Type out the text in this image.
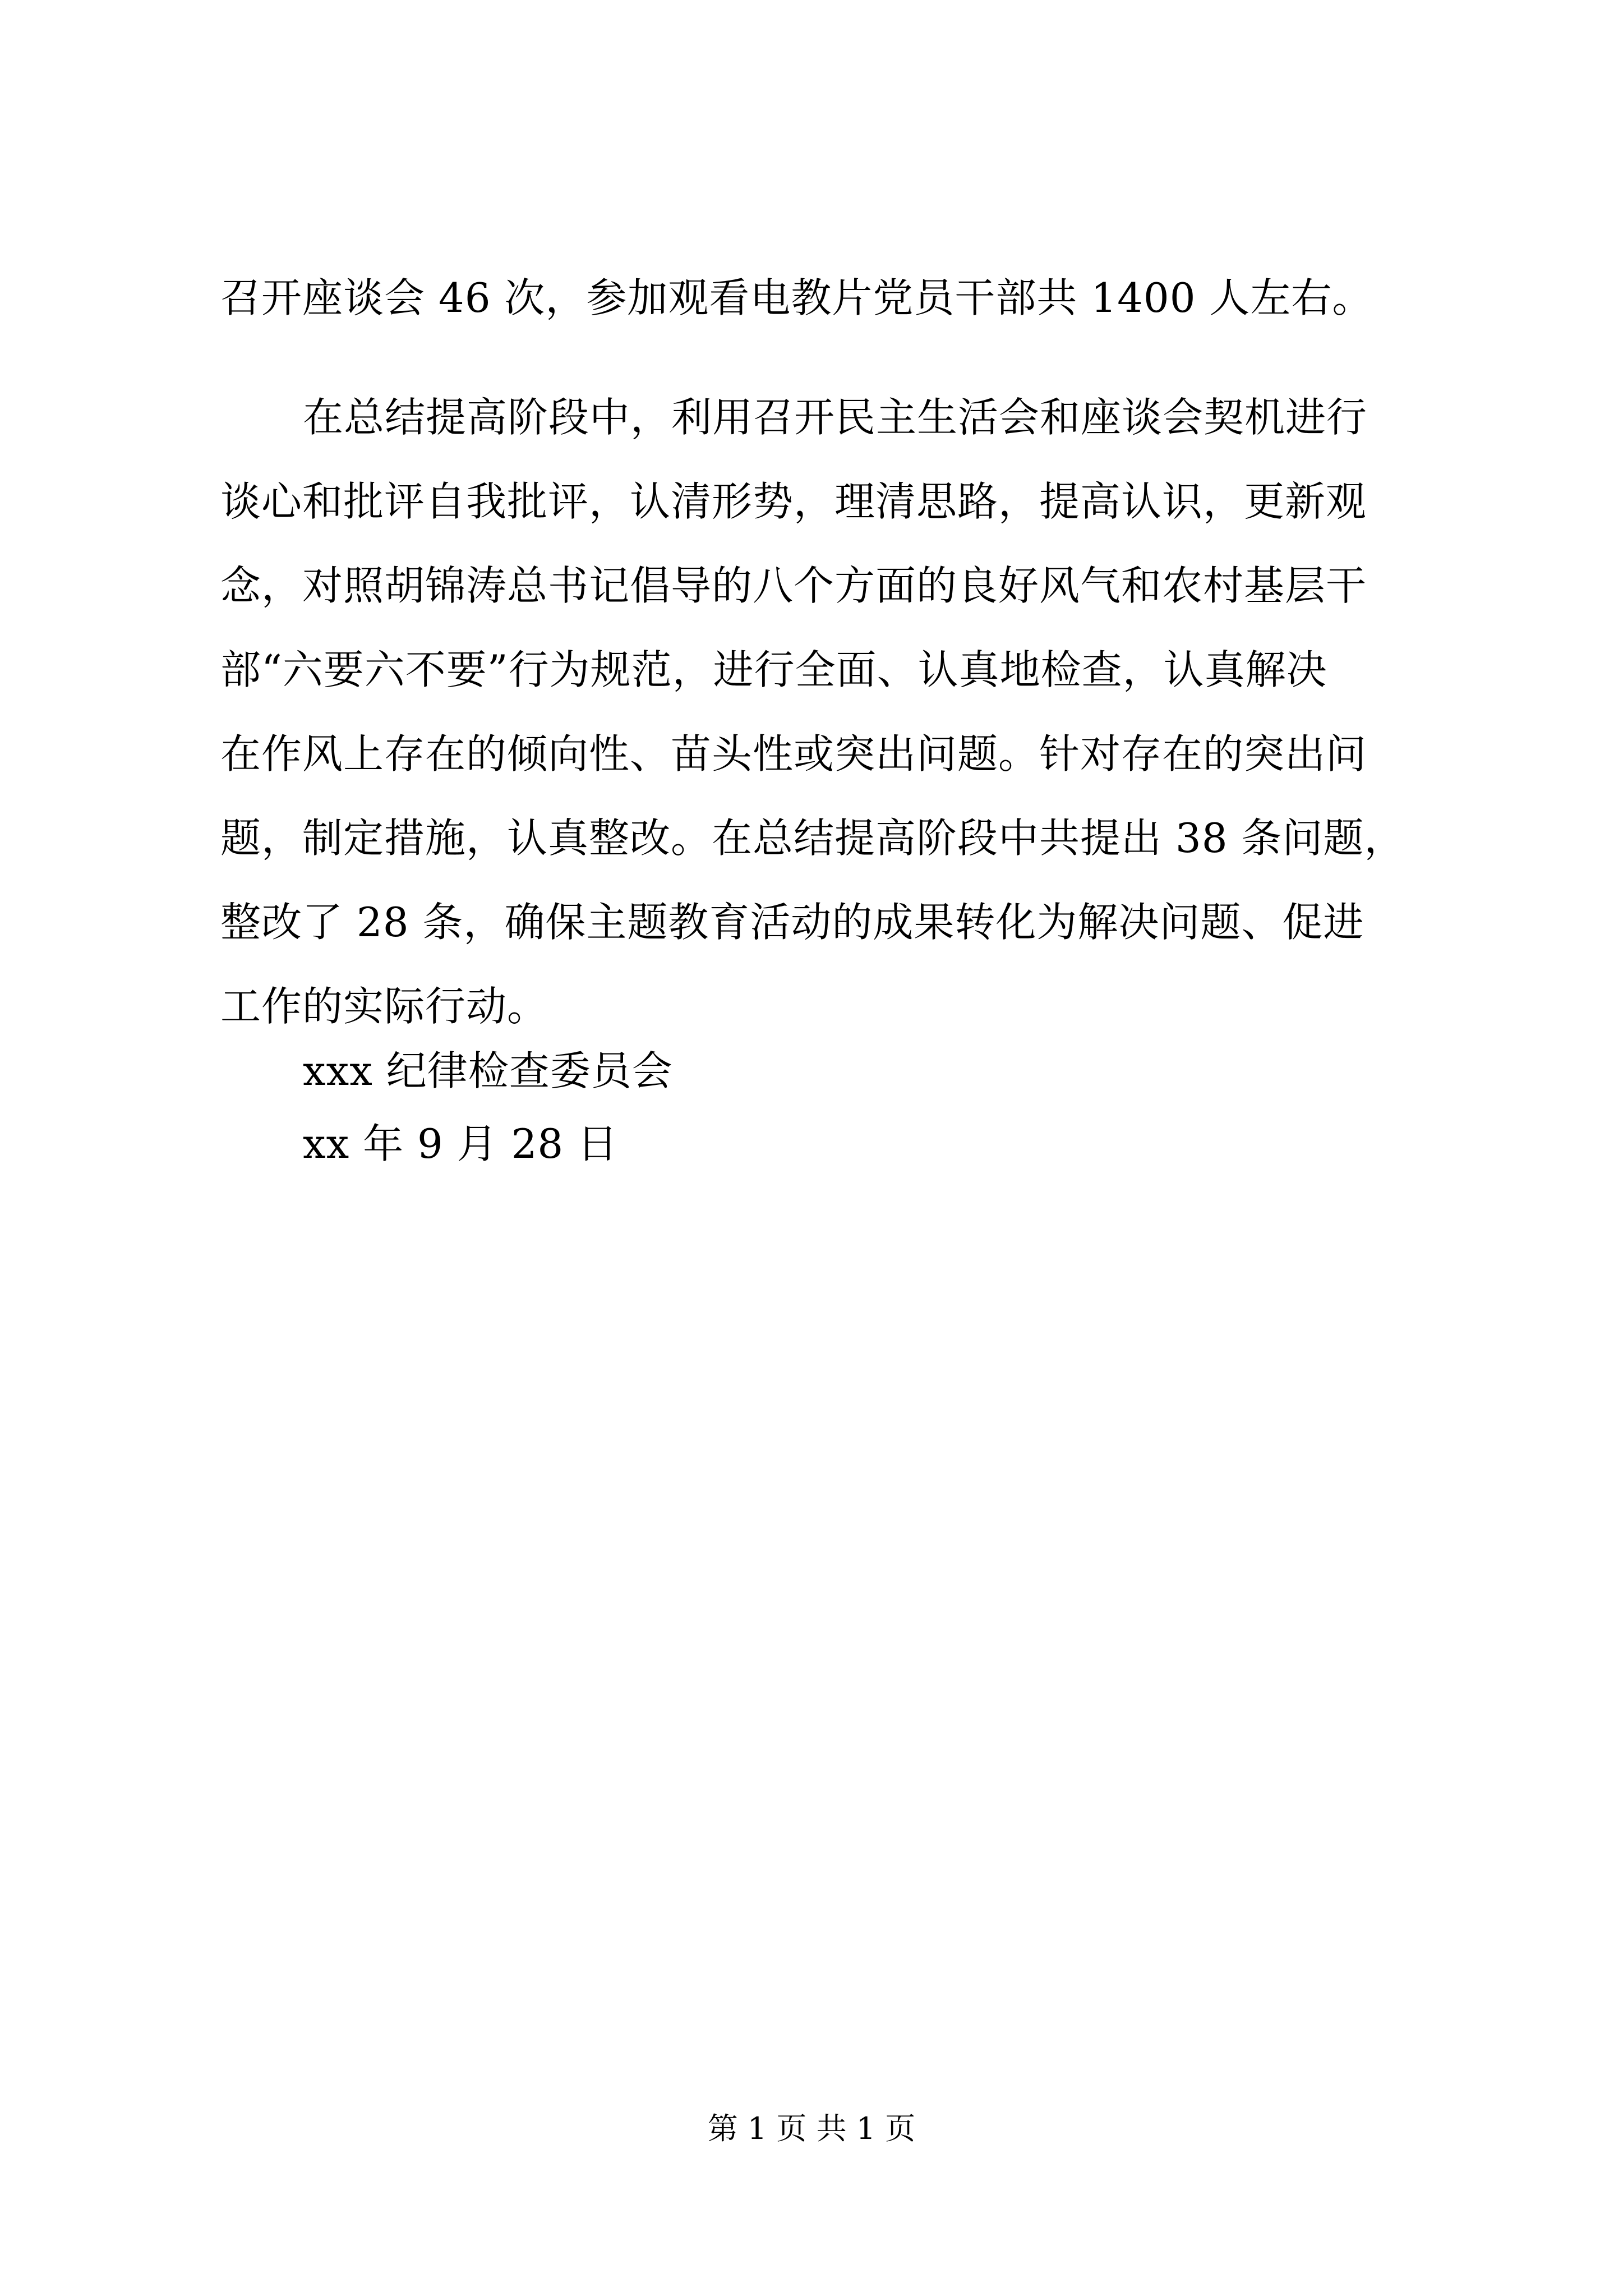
召开座谈会 46 次，参加观看电教片党员干部共 1400 人左右。
在总结提高阶段中，利用召开民主生活会和座谈会契机进行
谈心和批评自我批评，认清形势，理清思路，提高认识，更新观
念，对照胡锦涛总书记倡导的八个方面的良好风气和农村基层干
部“六要六不要”行为规范，进行全面、认真地检查，认真解决
在作风上存在的倾向性、苗头性或突出问题。针对存在的突出问
题，制定措施，认真整改。在总结提高阶段中共提出 38 条问题，
整改了 28 条，确保主题教育活动的成果转化为解决问题、促进
工作的实际行动。
xxx 纪律检查委员会
xx 年 9 月 28 日
第 1 页 共 1 页
